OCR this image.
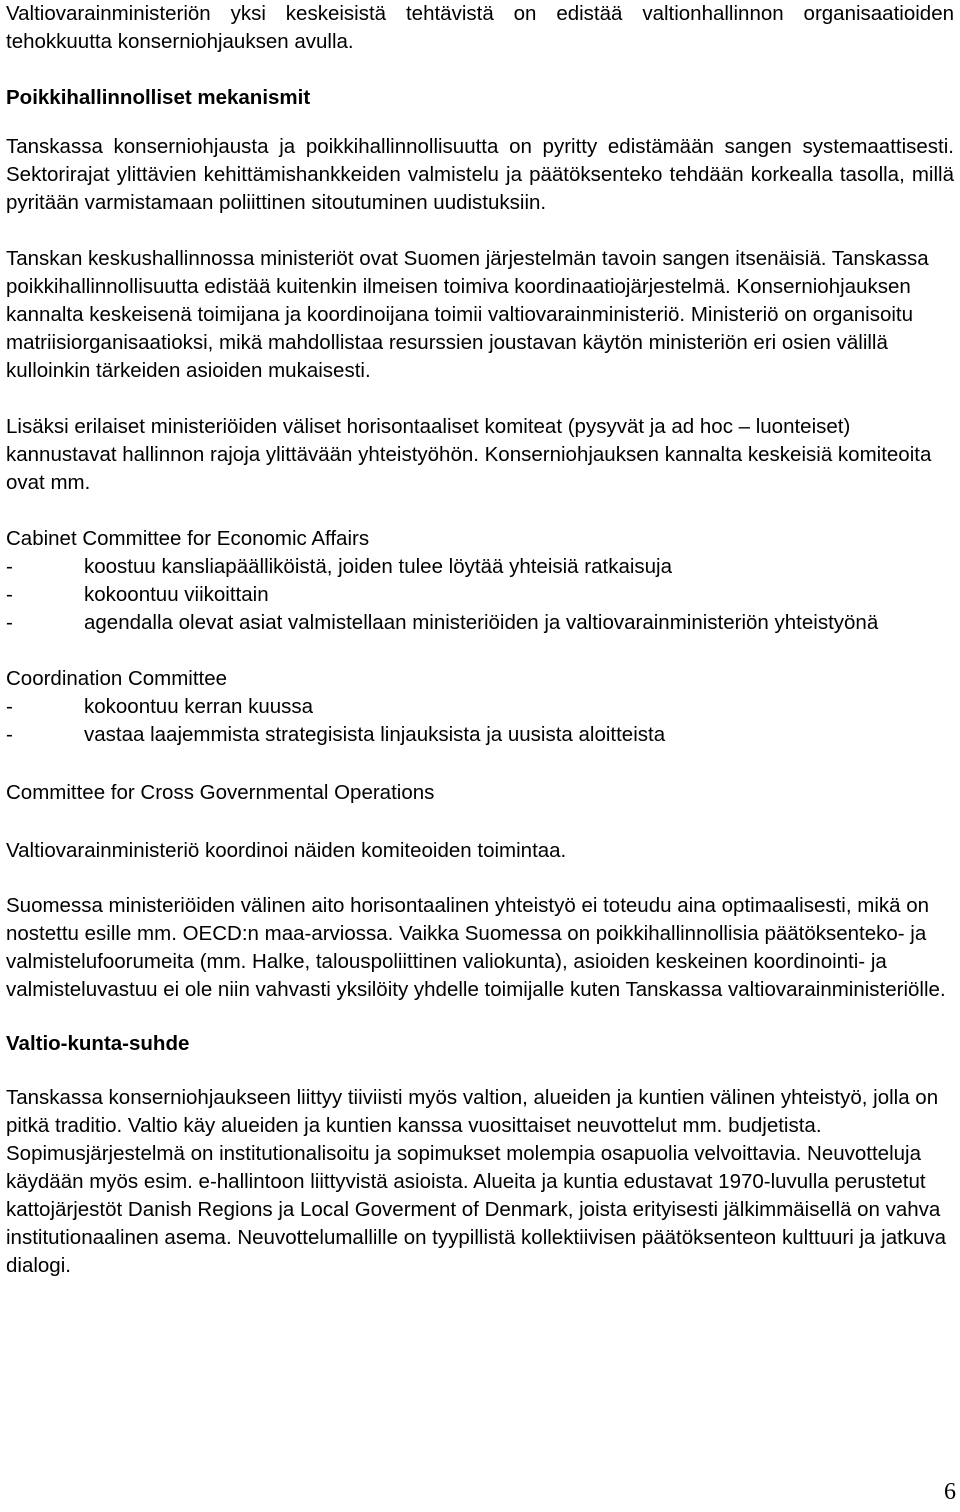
Valtiovarainministeriön yksi keskeisistä tehtävistä on edistää valtionhallinnon organisaatioiden tehokkuutta konserniohjauksen avulla.

Poikkihallinnolliset mekanismit

Tanskassa konserniohjausta ja poikkihallinnollisuutta on pyritty edistämään sangen systemaattisesti. Sektorirajat ylittävien kehittämishankkeiden valmistelu ja päätöksenteko tehdään korkealla tasolla, millä pyritään varmistamaan poliittinen sitoutuminen uudistuksiin.

Tanskan keskushallinnossa ministeriöt ovat Suomen järjestelmän tavoin sangen itsenäisiä. Tanskassa poikkihallinnollisuutta edistää kuitenkin ilmeisen toimiva koordinaatiojärjestelmä. Konserniohjauksen kannalta keskeisenä toimijana ja koordinoijana toimii valtiovarainministeriö. Ministeriö on organisoitu matriisiorganisaatioksi, mikä mahdollistaa resurssien joustavan käytön ministeriön eri osien välillä kulloinkin tärkeiden asioiden mukaisesti.

Lisäksi erilaiset ministeriöiden väliset horisontaaliset komiteat (pysyvät ja ad hoc – luonteiset) kannustavat hallinnon rajoja ylittävään yhteistyöhön. Konserniohjauksen kannalta keskeisiä komiteoita ovat mm.

Cabinet Committee for Economic Affairs

- koostuu kansliapäälliköistä, joiden tulee löytää yhteisiä ratkaisuja
- kokoontuu viikoittain
- agendalla olevat asiat valmistellaan ministeriöiden ja valtiovarainministeriön yhteistyönä

Coordination Committee

- kokoontuu kerran kuussa
- vastaa laajemmista strategisista linjauksista ja uusista aloitteista

Committee for Cross Governmental Operations

Valtiovarainministeriö koordinoi näiden komiteoiden toimintaa.

Suomessa ministeriöiden välinen aito horisontaalinen yhteistyö ei toteudu aina optimaalisesti, mikä on nostettu esille mm. OECD:n maa-arviossa. Vaikka Suomessa on poikkihallinnollisia päätöksenteko- ja valmistelufoorumeita (mm. Halke, talouspoliittinen valiokunta), asioiden keskeinen koordinointi- ja valmisteluvastuu ei ole niin vahvasti yksilöity yhdelle toimijalle kuten Tanskassa valtiovarainministeriölle.

Valtio-kunta-suhde

Tanskassa konserniohjaukseen liittyy tiiviisti myös valtion, alueiden ja kuntien välinen yhteistyö, jolla on pitkä traditio. Valtio käy alueiden ja kuntien kanssa vuosittaiset neuvottelut mm. budjetista. Sopimusjärjestelmä on institutionalisoitu ja sopimukset molempia osapuolia velvoittavia. Neuvotteluja käydään myös esim. e-hallintoon liittyvistä asioista. Alueita ja kuntia edustavat 1970-luvulla perustetut kattojärjestöt Danish Regions ja Local Goverment of Denmark, joista erityisesti jälkimmäisellä on vahva institutionaalinen asema. Neuvottelumallille on tyypillistä kollektiivisen päätöksenteon kulttuuri ja jatkuva dialogi.

6
